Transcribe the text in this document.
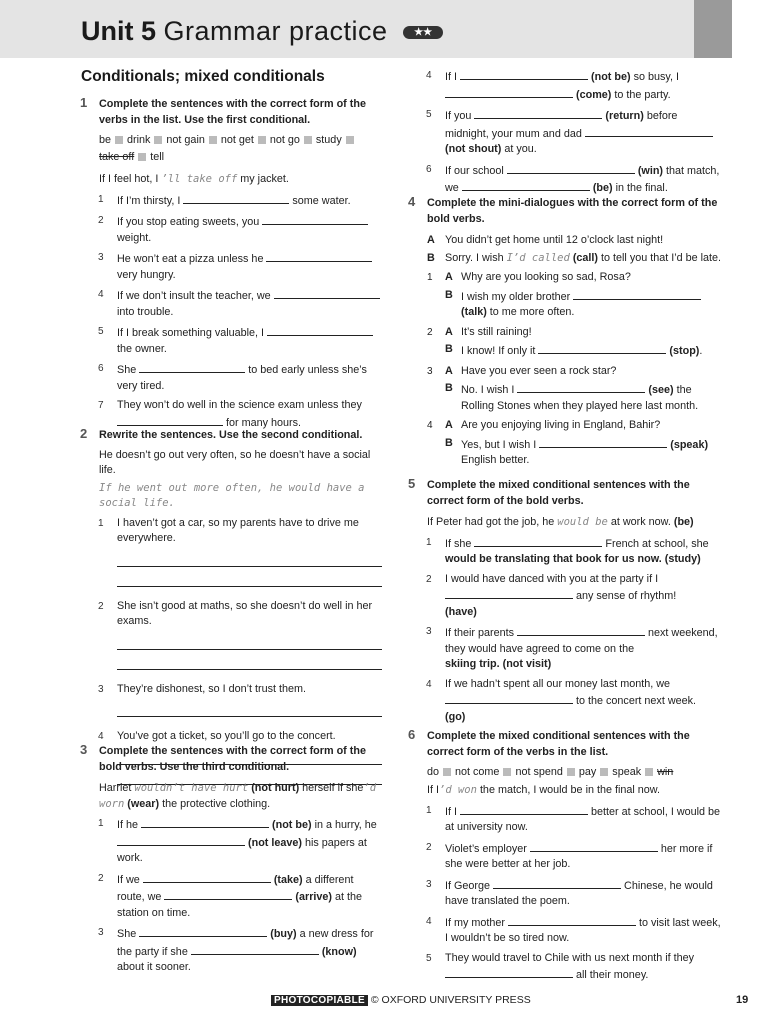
Unit 5 Grammar practice	★★
Conditionals; mixed conditionals
1 Complete the sentences with the correct form of the verbs in the list. Use the first conditional.
be drink not gain not get not go study
take off tell
If I feel hot, I ’ll take off my jacket.
1 If I’m thirsty, I	some water.
2 If you stop eating sweets, you
weight.
3 He won’t eat a pizza unless he
very hungry.
4 If we don’t insult the teacher, we
into trouble.
5 If I break something valuable, I
the owner.
6 She	to bed early unless she’s very tired.
7 They won’t do well in the science exam unless they
for many hours.
2 Rewrite the sentences. Use the second conditional.
He doesn’t go out very often, so he doesn’t have a social life.
If he went out more often, he would have a social life.
1 I haven’t got a car, so my parents have to drive me everywhere.
2 She isn’t good at maths, so she doesn’t do well in her exams.
3 They’re dishonest, so I don’t trust them.
4 You’ve got a ticket, so you’ll go to the concert.
3 Complete the sentences with the correct form of the bold verbs. Use the third conditional.
Harriet wouldn’t have hurt (not hurt) herself if she’d worn (wear) the protective clothing.
1 If he	(not be) in a hurry, he
(not leave) his papers at work.
2 If we	(take) a different route, we	(arrive) at the station on time.
3 She	(buy) a new dress for the party if she	(know) about it sooner.
4 If I	(not be) so busy, I
(come) to the party.
5 If you	(return) before midnight, your mum and dad
(not shout) at you.
6 If our school	(win) that match, we	(be) in the final.
4 Complete the mini-dialogues with the correct form of the bold verbs.
A You didn’t get home until 12 o’clock last night!
B Sorry. I wish I’d called (call) to tell you that I’d be late.
1 A Why are you looking so sad, Rosa?
B I wish my older brother
(talk) to me more often.
2 A It’s still raining!
B I know! If only it	(stop).
3 A Have you ever seen a rock star?
B No. I wish I	(see) the Rolling Stones when they played here last month.
4 A Are you enjoying living in England, Bahir?
B Yes, but I wish I	(speak) English better.
5 Complete the mixed conditional sentences with the correct form of the bold verbs.
If Peter had got the job, he would be at work now. (be)
1 If she	French at school, she
would be translating that book for us now. (study)
2 I would have danced with you at the party if I
any sense of rhythm!
(have)
3 If their parents	next weekend, they would have agreed to come on the
skiing trip. (not visit)
4 If we hadn’t spent all our money last month, we
to the concert next week.
(go)
6 Complete the mixed conditional sentences with the correct form of the verbs in the list.
do not come not spend pay speak win
If I’d won the match, I would be in the final now.
1 If I	better at school, I would be at university now.
2 Violet’s employer	her more if she were better at her job.
3 If George	Chinese, he would have translated the poem.
4 If my mother	to visit last week, I wouldn’t be so tired now.
5 They would travel to Chile with us next month if they
all their money.
PHOTOCOPIABLE © OXFORD UNIVERSITY PRESS	19
